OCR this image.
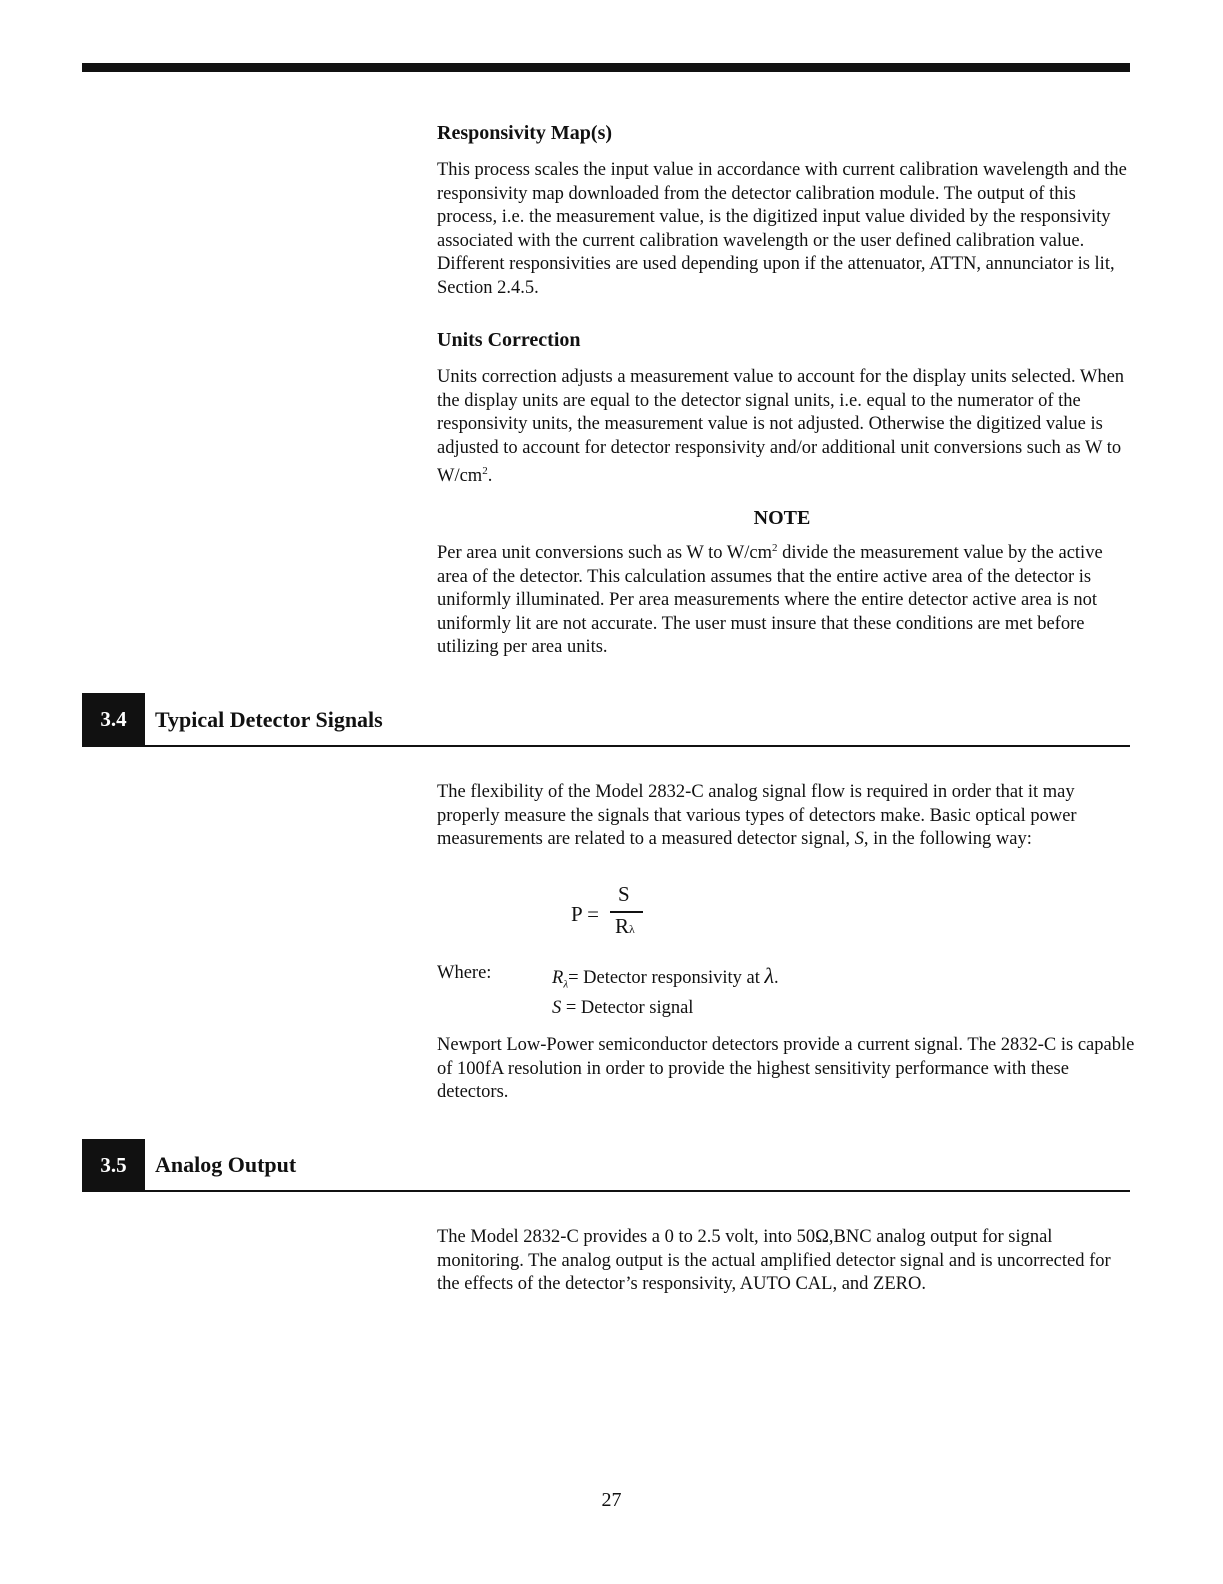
Responsivity Map(s)

This process scales the input value in accordance with current calibration wavelength and the responsivity map downloaded from the detector calibration module. The output of this process, i.e. the measurement value, is the digitized input value divided by the responsivity associated with the current calibration wavelength or the user defined calibration value. Different responsivities are used depending upon if the attenuator, ATTN, annunciator is lit, Section 2.4.5.

Units Correction

Units correction adjusts a measurement value to account for the display units selected. When the display units are equal to the detector signal units, i.e. equal to the numerator of the responsivity units, the measurement value is not adjusted. Otherwise the digitized value is adjusted to account for detector responsivity and/or additional unit conversions such as W to $W/cm^2$.

NOTE

Per area unit conversions such as W to $W/cm^2$ divide the measurement value by the active area of the detector. This calculation assumes that the entire active area of the detector is uniformly illuminated. Per area measurements where the entire detector active area is not uniformly lit are not accurate. The user must insure that these conditions are met before utilizing per area units.

3.4	Typical Detector Signals

The flexibility of the Model 2832-C analog signal flow is required in order that it may properly measure the signals that various types of detectors make. Basic optical power measurements are related to a measured detector signal, S, in the following way:

P =
S
Rλ
Where:	$R_\lambda=$ Detector responsivity at λ.
S = Detector signal

Newport Low-Power semiconductor detectors provide a current signal. The 2832-C is capable of 100fA resolution in order to provide the highest sensitivity performance with these detectors.

3.5	Analog Output

The Model 2832-C provides a 0 to 2.5 volt, into 50Ω,BNC analog output for signal monitoring. The analog output is the actual amplified detector signal and is uncorrected for the effects of the detector’s responsivity, AUTO CAL, and ZERO.

27
